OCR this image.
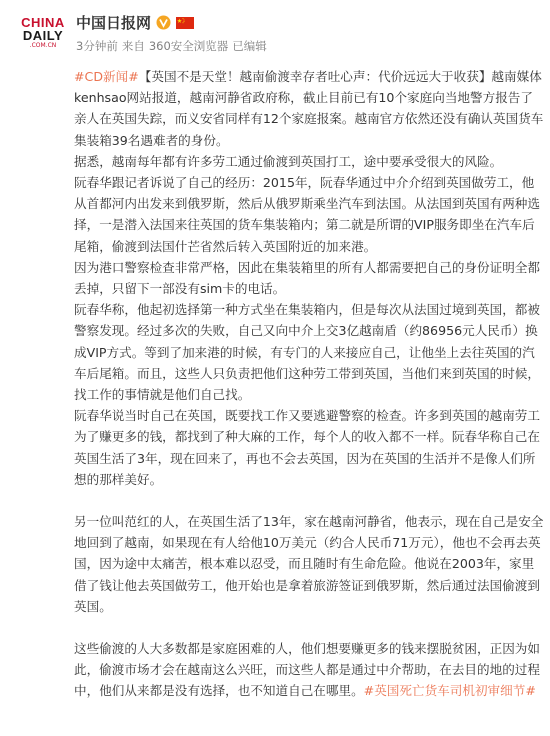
CHINA
DAILY
.COM.CN
中国日报网
3分钟前 来自 360安全浏览器 已编辑

#CD新闻#【英国不是天堂！越南偷渡幸存者吐心声：代价远远大于收获】越南媒体kenhsao网站报道，越南河静省政府称，截止目前已有10个家庭向当地警方报告了亲人在英国失踪，而义安省同样有12个家庭报案。越南官方依然还没有确认英国货车集装箱39名遇难者的身份。

据悉，越南每年都有许多劳工通过偷渡到英国打工，途中要承受很大的风险。

阮春华跟记者诉说了自己的经历：2015年，阮春华通过中介介绍到英国做劳工，他从首都河内出发来到俄罗斯，然后从俄罗斯乘坐汽车到法国。从法国到英国有两种选择，一是潜入法国来往英国的货车集装箱内；第二就是所谓的VIP服务即坐在汽车后尾箱，偷渡到法国什芒省然后转入英国附近的加来港。

因为港口警察检查非常严格，因此在集装箱里的所有人都需要把自己的身份证明全都丢掉，只留下一部没有sim卡的电话。

阮春华称，他起初选择第一种方式坐在集装箱内，但是每次从法国过境到英国，都被警察发现。经过多次的失败，自己又向中介上交3亿越南盾（约86956元人民币）换成VIP方式。等到了加来港的时候，有专门的人来接应自己，让他坐上去往英国的汽车后尾箱。而且，这些人只负责把他们这种劳工带到英国，当他们来到英国的时候，找工作的事情就是他们自己找。

阮春华说当时自己在英国，既要找工作又要逃避警察的检查。许多到英国的越南劳工为了赚更多的钱，都找到了种大麻的工作，每个人的收入都不一样。阮春华称自己在英国生活了3年，现在回来了，再也不会去英国，因为在英国的生活并不是像人们所想的那样美好。

另一位叫范红的人，在英国生活了13年，家在越南河静省，他表示，现在自己是安全地回到了越南，如果现在有人给他10万美元（约合人民币71万元），他也不会再去英国，因为途中太痛苦，根本难以忍受，而且随时有生命危险。他说在2003年，家里借了钱让他去英国做劳工，他开始也是拿着旅游签证到俄罗斯，然后通过法国偷渡到英国。

这些偷渡的人大多数都是家庭困难的人，他们想要赚更多的钱来摆脱贫困，正因为如此，偷渡市场才会在越南这么兴旺，而这些人都是通过中介帮助，在去目的地的过程中，他们从来都是没有选择，也不知道自己在哪里。#英国死亡货车司机初审细节#
